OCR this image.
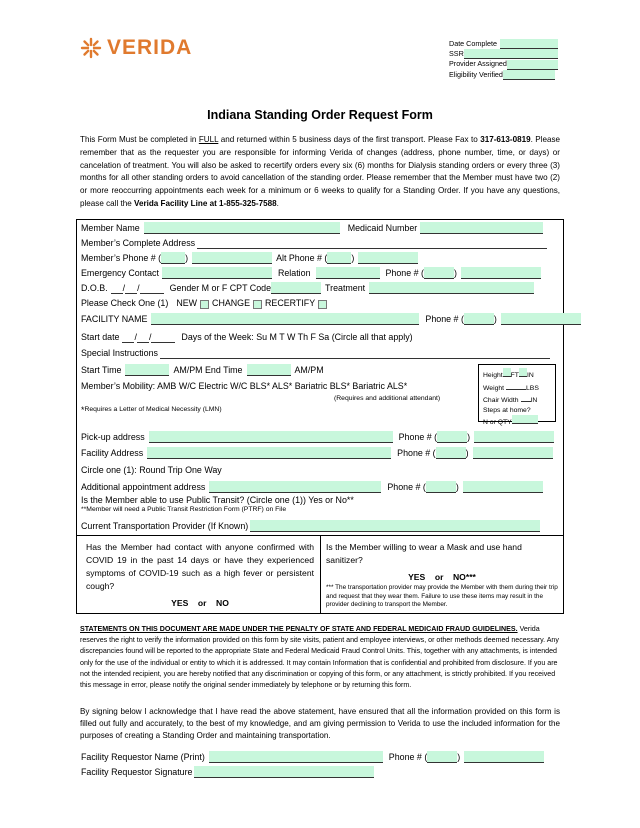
VERIDA	Date Complete
SSR
Provider Assigned
Eligibility Verified
Indiana Standing Order Request Form
This Form Must be completed in FULL and returned within 5 business days of the first transport. Please Fax to 317-613-0819. Please remember that as the requester you are responsible for informing Verida of changes (address, phone number, time, or days) or cancelation of treatment. You will also be asked to recertify orders every six (6) months for Dialysis standing orders or every three (3) months for all other standing orders to avoid cancellation of the standing order. Please remember that the Member must have two (2) or more reoccurring appointments each week for a minimum or 6 weeks to qualify for a Standing Order. If you have any questions, please call the Verida Facility Line at 1-855-325-7588.
Member Name	Medicaid Number
Member’s Complete Address
Member’s Phone # (	)	Alt Phone # (	)
Emergency Contact	Relation	Phone # (	)
D.O.B. / /	Gender M or F CPT Code	Treatment
Please Check One (1) NEW CHANGE RECERTIFY
FACILITY NAME	Phone # (	)
Start date / /	Days of the Week: Su M T W Th F Sa (Circle all that apply)
Special Instructions
Start Time	AM/PM End Time	AM/PM
Member’s Mobility: AMB W/C Electric W/C BLS* ALS* Bariatric BLS* Bariatric ALS*
(Requires and additional attendant)
* Requires a Letter of Medical Necessity (LMN)
Height FT IN
Weight	LBS
Chair Width IN
Steps at home?
N or QTY
Pick-up address	Phone # (	)
Facility Address	Phone # (	)
Circle one (1): Round Trip One Way
Additional appointment address	Phone # (	)
Is the Member able to use Public Transit? (Circle one (1)) Yes or No**
**Member will need a Public Transit Restriction Form (PTRF) on File
Current Transportation Provider (If Known)
Has the Member had contact with anyone confirmed with COVID 19 in the past 14 days or have they experienced symptoms of COVID-19 such as a high fever or persistent cough?
YES    or    NO
Is the Member willing to wear a Mask and use hand sanitizer?
YES    or    NO***
*** The transportation provider may provide the Member with them during their trip and request that they wear them. Failure to use these items may result in the provider declining to transport the Member.
STATEMENTS ON THIS DOCUMENT ARE MADE UNDER THE PENALTY OF STATE AND FEDERAL MEDICAID FRAUD GUIDELINES. Verida reserves the right to verify the information provided on this form by site visits, patient and employee interviews, or other methods deemed necessary. Any discrepancies found will be reported to the appropriate State and Federal Medicaid Fraud Control Units. This, together with any attachments, is intended only for the use of the individual or entity to which it is addressed. It may contain Information that is confidential and prohibited from disclosure. If you are not the intended recipient, you are hereby notified that any discrimination or copying of this form, or any attachment, is strictly prohibited. If you received this message in error, please notify the original sender immediately by telephone or by returning this form.
By signing below I acknowledge that I have read the above statement, have ensured that all the information provided on this form is filled out fully and accurately, to the best of my knowledge, and am giving permission to Verida to use the included information for the purposes of creating a Standing Order and maintaining transportation.
Facility Requestor Name (Print)	Phone # (	)
Facility Requestor Signature
